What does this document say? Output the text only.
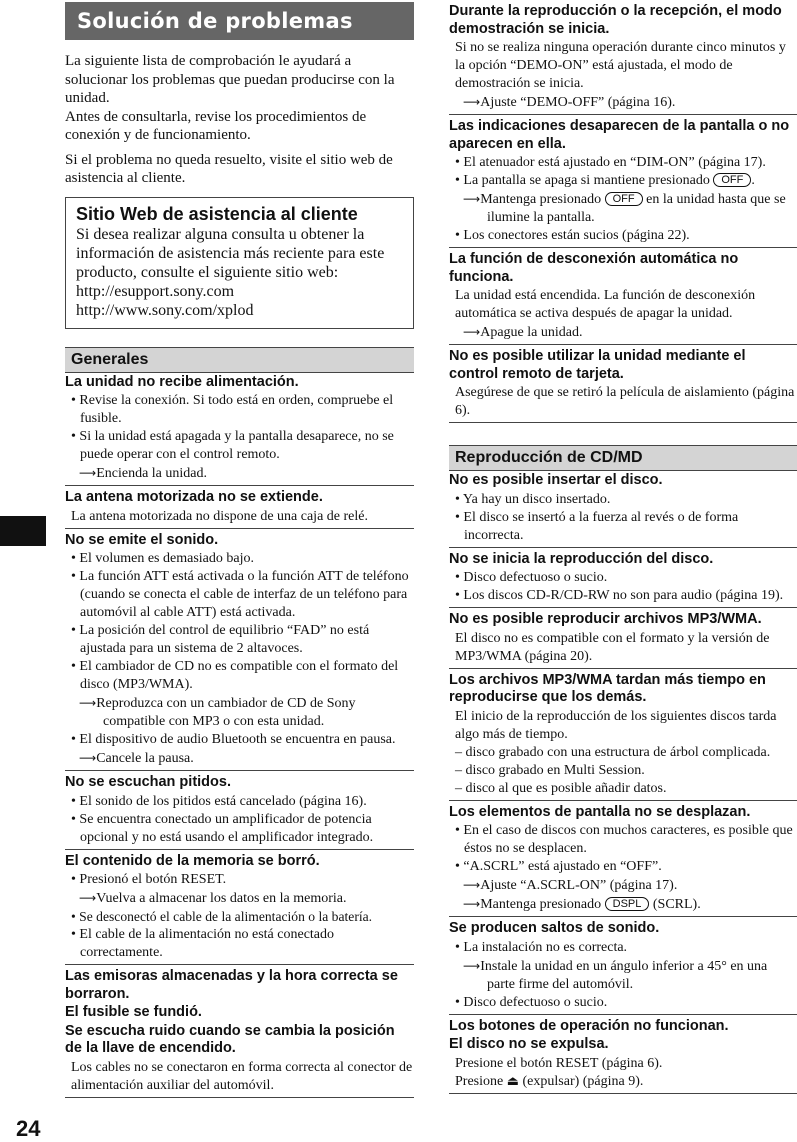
Solución de problemas
La siguiente lista de comprobación le ayudará a solucionar los problemas que puedan producirse con la unidad.
Antes de consultarla, revise los procedimientos de conexión y de funcionamiento.
Si el problema no queda resuelto, visite el sitio web de asistencia al cliente.
Sitio Web de asistencia al cliente
Si desea realizar alguna consulta u obtener la información de asistencia más reciente para este producto, consulte el siguiente sitio web:
http://esupport.sony.com
http://www.sony.com/xplod
Generales
La unidad no recibe alimentación.
• Revise la conexión. Si todo está en orden, compruebe el fusible.
• Si la unidad está apagada y la pantalla desaparece, no se puede operar con el control remoto.
⟶Encienda la unidad.
La antena motorizada no se extiende.
La antena motorizada no dispone de una caja de relé.
No se emite el sonido.
• El volumen es demasiado bajo.
• La función ATT está activada o la función ATT de teléfono (cuando se conecta el cable de interfaz de un teléfono para automóvil al cable ATT) está activada.
• La posición del control de equilibrio “FAD” no está ajustada para un sistema de 2 altavoces.
• El cambiador de CD no es compatible con el formato del disco (MP3/WMA).
⟶Reproduzca con un cambiador de CD de Sony compatible con MP3 o con esta unidad.
• El dispositivo de audio Bluetooth se encuentra en pausa.
⟶Cancele la pausa.
No se escuchan pitidos.
• El sonido de los pitidos está cancelado (página 16).
• Se encuentra conectado un amplificador de potencia opcional y no está usando el amplificador integrado.
El contenido de la memoria se borró.
• Presionó el botón RESET.
⟶Vuelva a almacenar los datos en la memoria.
• Se desconectó el cable de la alimentación o la batería.
• El cable de la alimentación no está conectado correctamente.
Las emisoras almacenadas y la hora correcta se borraron.
El fusible se fundió.
Se escucha ruido cuando se cambia la posición de la llave de encendido.
Los cables no se conectaron en forma correcta al conector de alimentación auxiliar del automóvil.
Durante la reproducción o la recepción, el modo demostración se inicia.
Si no se realiza ninguna operación durante cinco minutos y la opción “DEMO-ON” está ajustada, el modo de demostración se inicia.
⟶Ajuste “DEMO-OFF” (página 16).
Las indicaciones desaparecen de la pantalla o no aparecen en ella.
• El atenuador está ajustado en “DIM-ON” (página 17).
• La pantalla se apaga si mantiene presionado OFF .
⟶Mantenga presionado OFF en la unidad hasta que se ilumine la pantalla.
• Los conectores están sucios (página 22).
La función de desconexión automática no funciona.
La unidad está encendida. La función de desconexión automática se activa después de apagar la unidad.
⟶Apague la unidad.
No es posible utilizar la unidad mediante el control remoto de tarjeta.
Asegúrese de que se retiró la película de aislamiento (página 6).
Reproducción de CD/MD
No es posible insertar el disco.
• Ya hay un disco insertado.
• El disco se insertó a la fuerza al revés o de forma incorrecta.
No se inicia la reproducción del disco.
• Disco defectuoso o sucio.
• Los discos CD-R/CD-RW no son para audio (página 19).
No es posible reproducir archivos MP3/WMA.
El disco no es compatible con el formato y la versión de MP3/WMA (página 20).
Los archivos MP3/WMA tardan más tiempo en reproducirse que los demás.
El inicio de la reproducción de los siguientes discos tarda algo más de tiempo.
– disco grabado con una estructura de árbol complicada.
– disco grabado en Multi Session.
– disco al que es posible añadir datos.
Los elementos de pantalla no se desplazan.
• En el caso de discos con muchos caracteres, es posible que éstos no se desplacen.
• “A.SCRL” está ajustado en “OFF”.
⟶Ajuste “A.SCRL-ON” (página 17).
⟶Mantenga presionado DSPL (SCRL).
Se producen saltos de sonido.
• La instalación no es correcta.
⟶Instale la unidad en un ángulo inferior a 45° en una parte firme del automóvil.
• Disco defectuoso o sucio.
Los botones de operación no funcionan.
El disco no se expulsa.
Presione el botón RESET (página 6).
Presione ⏏ (expulsar) (página 9).
24
